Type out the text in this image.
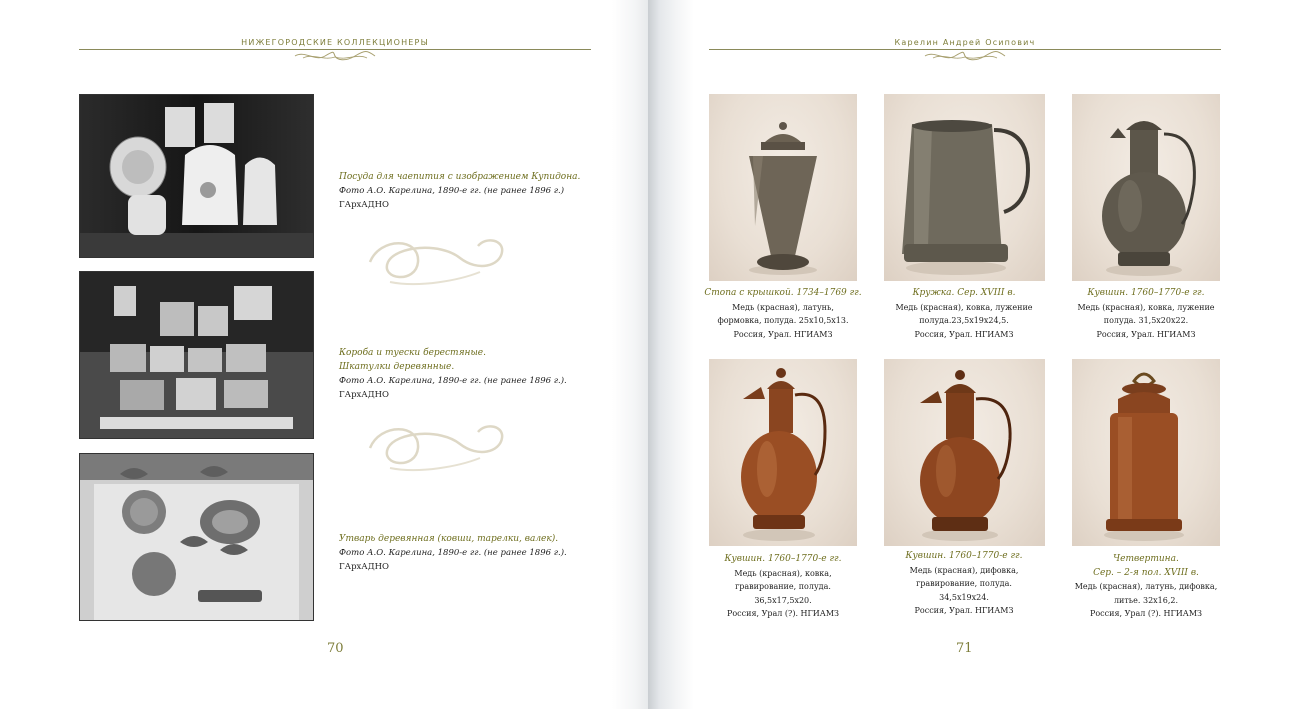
НИЖЕГОРОДСКИЕ КОЛЛЕКЦИОНЕРЫ
Посуда для чаепития с изображением Купидона.
Фото А.О. Карелина, 1890-е гг. (не ранее 1896 г.)
ГАрхАДНО
Короба и туески берестяные.
Шкатулки деревянные.
Фото А.О. Карелина, 1890-е гг. (не ранее 1896 г.).
ГАрхАДНО
Утварь деревянная (ковши, тарелки, валек).
Фото А.О. Карелина, 1890-е гг. (не ранее 1896 г.).
ГАрхАДНО
70
Карелин Андрей Осипович
Стопа с крышкой. 1734–1769 гг.
Медь (красная), латунь,
формовка, полуда. 25x10,5x13.
Россия, Урал. НГИАМЗ
Кружка. Сер. XVIII в.
Медь (красная), ковка, лужение
полуда.23,5x19x24,5.
Россия, Урал. НГИАМЗ
Кувшин. 1760–1770-е гг.
Медь (красная), ковка, лужение
полуда. 31,5x20x22.
Россия, Урал. НГИАМЗ
Кувшин. 1760–1770-е гг.
Медь (красная), ковка,
гравирование, полуда.
36,5x17,5x20.
Россия, Урал (?). НГИАМЗ
Кувшин. 1760–1770-е гг.
Медь (красная), дифовка,
гравирование, полуда.
34,5x19x24.
Россия, Урал. НГИАМЗ
Четвертина.
Сер. – 2-я пол. XVIII в.
Медь (красная), латунь, дифовка,
литье. 32x16,2.
Россия, Урал (?). НГИАМЗ
71
